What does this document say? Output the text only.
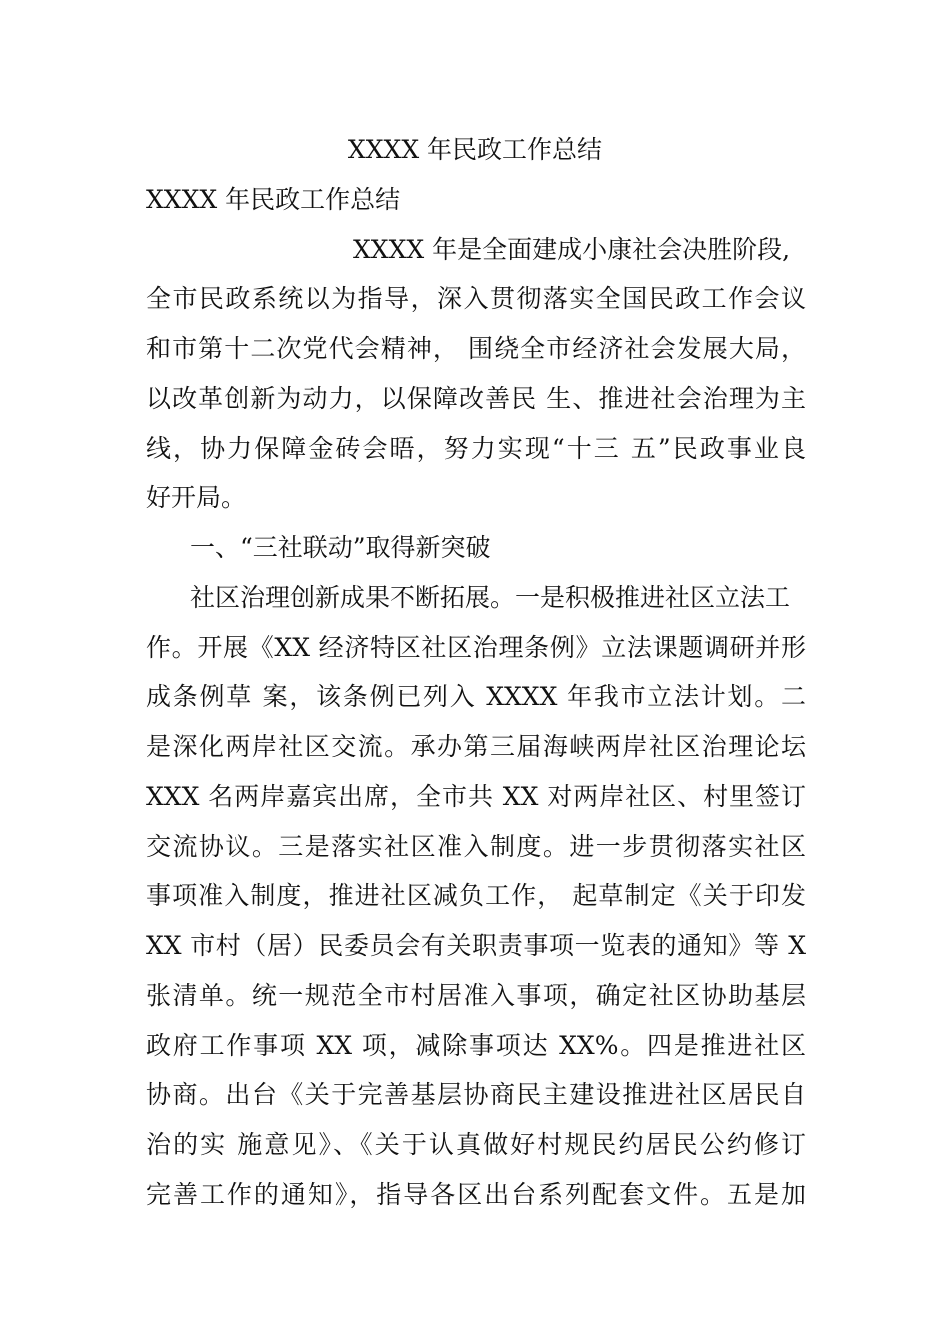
XXXX 年民政工作总结
XXXX 年民政工作总结
XXXX 年是全面建成小康社会决胜阶段,
全市民政系统以为指导，深入贯彻落实全国民政工作会议
和市第十二次党代会精神， 围绕全市经济社会发展大局，
以改革创新为动力，以保障改善民 生、推进社会治理为主
线，协力保障金砖会晤，努力实现“十三 五”民政事业良
好开局。
一、“三社联动”取得新突破
社区治理创新成果不断拓展。一是积极推进社区立法工
作。开展《XX 经济特区社区治理条例》立法课题调研并形
成条例草 案，该条例已列入 XXXX 年我市立法计划。二
是深化两岸社区交流。承办第三届海峡两岸社区治理论坛
XXX 名两岸嘉宾出席，全市共 XX 对两岸社区、村里签订
交流协议。三是落实社区准入制度。进一步贯彻落实社区
事项准入制度，推进社区减负工作， 起草制定《关于印发
XX 市村（居）民委员会有关职责事项一览表的通知》等 X
张清单。统一规范全市村居准入事项，确定社区协助基层
政府工作事项 XX 项，减除事项达 XX%。四是推进社区
协商。出台《关于完善基层协商民主建设推进社区居民自
治的实 施意见》、《关于认真做好村规民约居民公约修订
完善工作的通知》，指导各区出台系列配套文件。五是加
